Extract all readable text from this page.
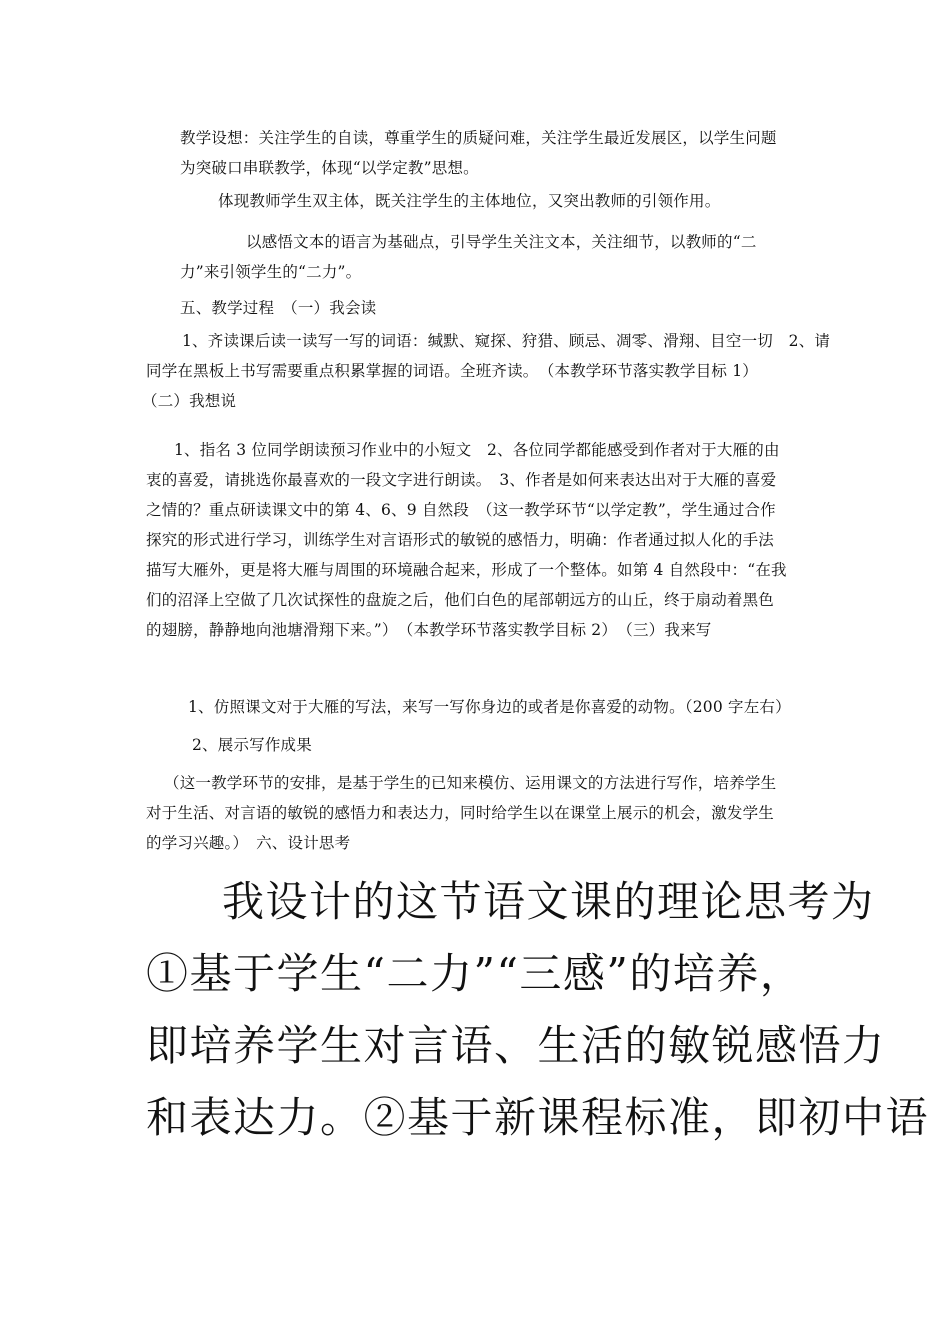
教学设想：关注学生的自读，尊重学生的质疑问难，关注学生最近发展区，以学生问题
为突破口串联教学，体现“以学定教”思想。
体现教师学生双主体，既关注学生的主体地位，又突出教师的引领作用。
以感悟文本的语言为基础点，引导学生关注文本，关注细节，以教师的“二
力”来引领学生的“二力”。
五、教学过程　（一）我会读
1、齐读课后读一读写一写的词语：缄默、窥探、狩猎、顾忌、凋零、滑翔、目空一切　2、请
同学在黑板上书写需要重点积累掌握的词语。全班齐读。　（本教学环节落实教学目标 1）
（二）我想说
1、指名 3 位同学朗读预习作业中的小短文　2、各位同学都能感受到作者对于大雁的由
衷的喜爱，请挑选你最喜欢的一段文字进行朗读。　3、作者是如何来表达出对于大雁的喜爱
之情的？重点研读课文中的第 4、6、9 自然段　（这一教学环节“以学定教”，学生通过合作
探究的形式进行学习，训练学生对言语形式的敏锐的感悟力，明确：作者通过拟人化的手法
描写大雁外，更是将大雁与周围的环境融合起来，形成了一个整体。如第 4 自然段中：“在我
们的沼泽上空做了几次试探性的盘旋之后，他们白色的尾部朝远方的山丘，终于扇动着黑色
的翅膀，静静地向池塘滑翔下来。”）　（本教学环节落实教学目标 2）　（三）我来写
1、仿照课文对于大雁的写法，来写一写你身边的或者是你喜爱的动物。（200 字左右）
2、展示写作成果
（这一教学环节的安排，是基于学生的已知来模仿、运用课文的方法进行写作，培养学生
对于生活、对言语的敏锐的感悟力和表达力，同时给学生以在课堂上展示的机会，激发学生
的学习兴趣。）　六、设计思考
我设计的这节语文课的理论思考为
①基于学生“二力”“三感”的培养，
即培养学生对言语、生活的敏锐感悟力
和表达力。②基于新课程标准，即初中语
